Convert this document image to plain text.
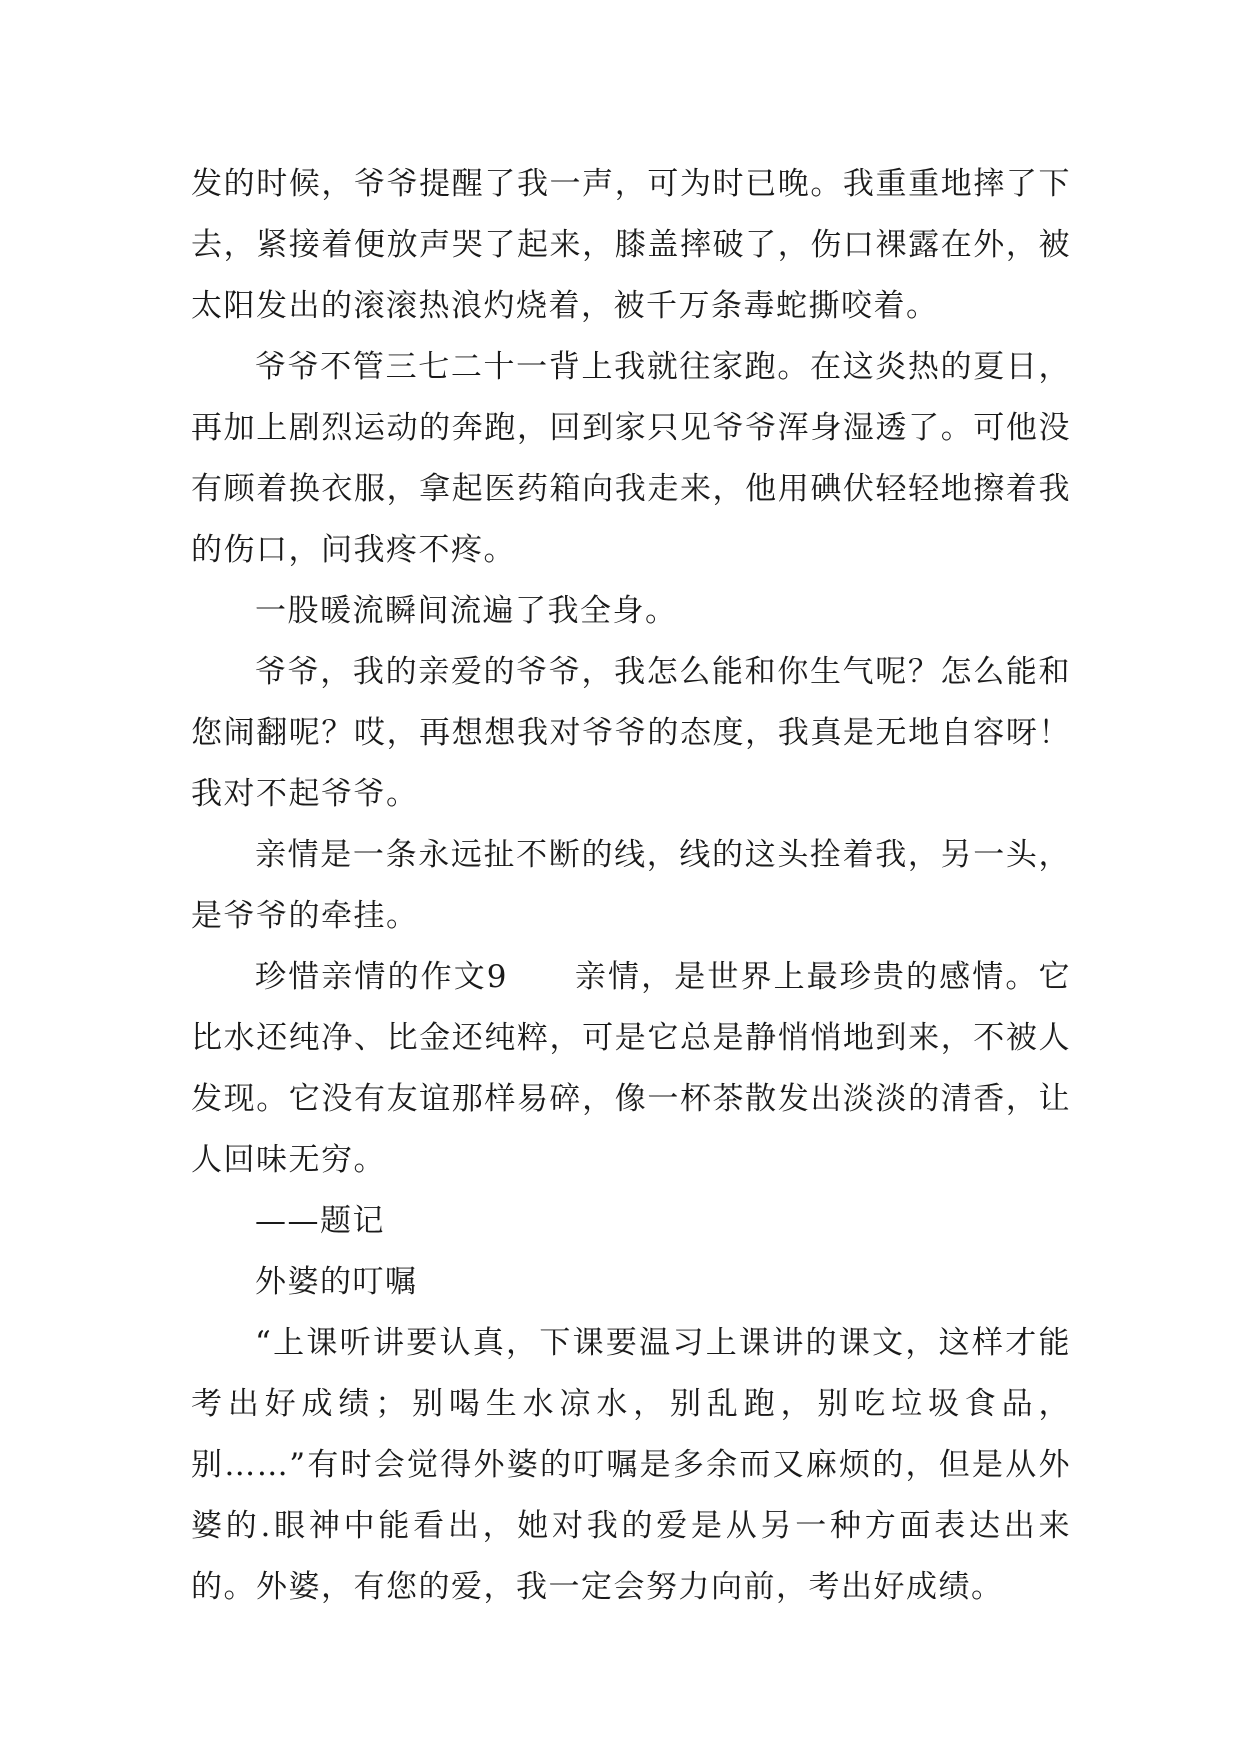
发的时候，爷爷提醒了我一声，可为时已晚。我重重地摔了下去，紧接着便放声哭了起来，膝盖摔破了，伤口裸露在外，被太阳发出的滚滚热浪灼烧着，被千万条毒蛇撕咬着。

爷爷不管三七二十一背上我就往家跑。在这炎热的夏日，再加上剧烈运动的奔跑，回到家只见爷爷浑身湿透了。可他没有顾着换衣服，拿起医药箱向我走来，他用碘伏轻轻地擦着我的伤口，问我疼不疼。

一股暖流瞬间流遍了我全身。

爷爷，我的亲爱的爷爷，我怎么能和你生气呢？怎么能和您闹翻呢？哎，再想想我对爷爷的态度，我真是无地自容呀！我对不起爷爷。

亲情是一条永远扯不断的线，线的这头拴着我，另一头，是爷爷的牵挂。

珍惜亲情的作文9　　亲情，是世界上最珍贵的感情。它比水还纯净、比金还纯粹，可是它总是静悄悄地到来，不被人发现。它没有友谊那样易碎，像一杯茶散发出淡淡的清香，让人回味无穷。

——题记

外婆的叮嘱

“上课听讲要认真，下课要温习上课讲的课文，这样才能考出好成绩；别喝生水凉水，别乱跑，别吃垃圾食品，别……”有时会觉得外婆的叮嘱是多余而又麻烦的，但是从外婆的.眼神中能看出，她对我的爱是从另一种方面表达出来的。外婆，有您的爱，我一定会努力向前，考出好成绩。
